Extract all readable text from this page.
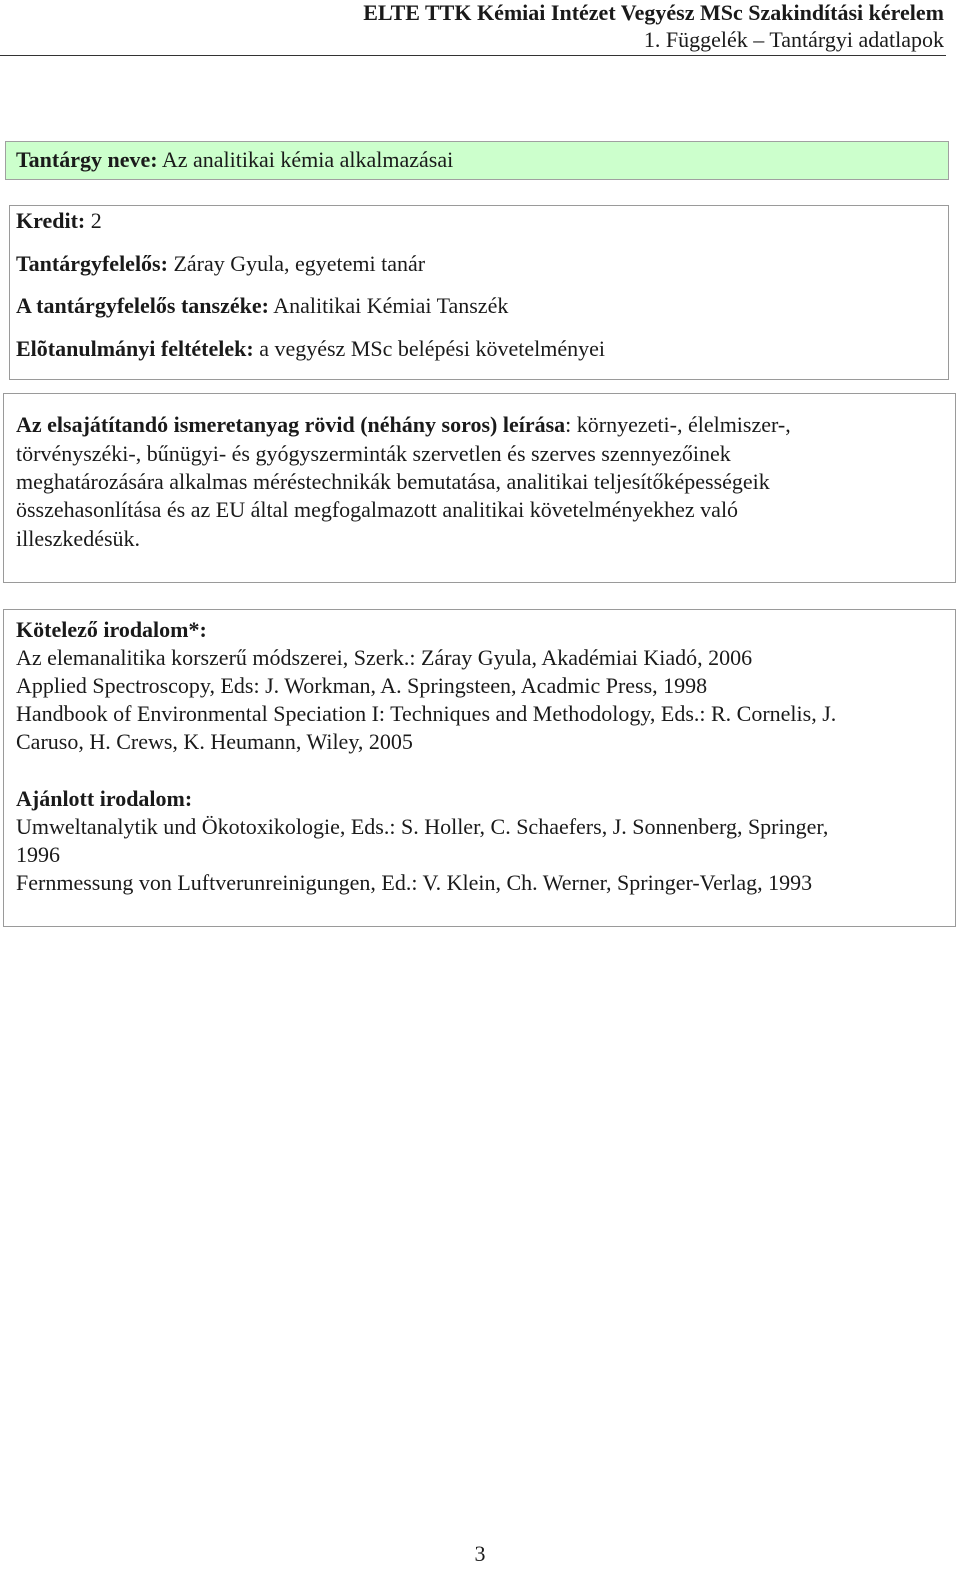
ELTE TTK Kémiai Intézet Vegyész MSc Szakindítási kérelem
1. Függelék – Tantárgyi adatlapok
Tantárgy neve: Az analitikai kémia alkalmazásai
Kredit: 2
Tantárgyfelelős: Záray Gyula, egyetemi tanár
A tantárgyfelelős tanszéke: Analitikai Kémiai Tanszék
Elõtanulmányi feltételek: a vegyész MSc belépési követelményei
Az elsajátítandó ismeretanyag rövid (néhány soros) leírása: környezeti-, élelmiszer-,
törvényszéki-, bűnügyi- és gyógyszerminták szervetlen és szerves szennyezőinek
meghatározására alkalmas méréstechnikák bemutatása, analitikai teljesítőképességeik
összehasonlítása és az EU által megfogalmazott analitikai követelményekhez való
illeszkedésük.
Kötelező irodalom*:
Az elemanalitika korszerű módszerei, Szerk.: Záray Gyula, Akadémiai Kiadó, 2006
Applied Spectroscopy, Eds: J. Workman, A. Springsteen, Acadmic Press, 1998
Handbook of Environmental Speciation I: Techniques and Methodology, Eds.: R. Cornelis, J.
Caruso, H. Crews, K. Heumann, Wiley, 2005
Ajánlott irodalom:
Umweltanalytik und Ökotoxikologie, Eds.: S. Holler, C. Schaefers, J. Sonnenberg, Springer,
1996
Fernmessung von Luftverunreinigungen, Ed.: V. Klein, Ch. Werner, Springer-Verlag, 1993
3
